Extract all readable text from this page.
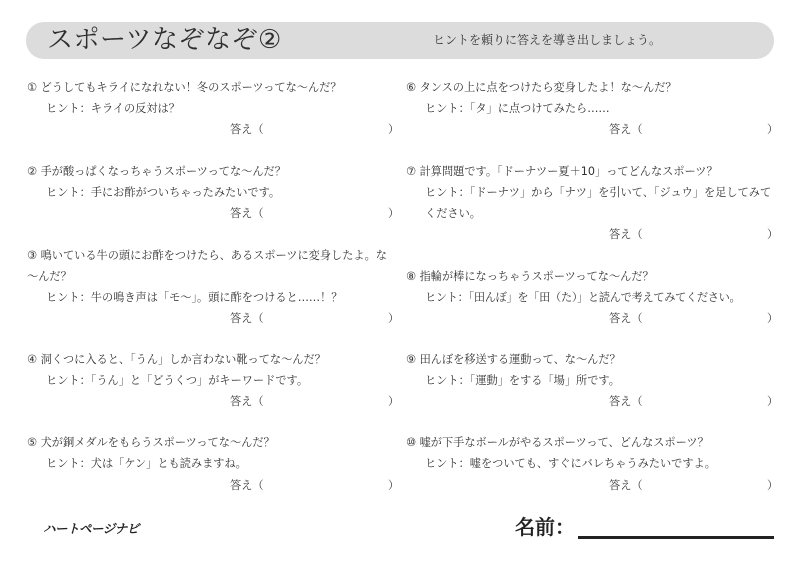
スポーツなぞなぞ②	ヒントを頼りに答えを導き出しましょう。
① どうしてもキライになれない！冬のスポーツってな～んだ？
ヒント：キライの反対は？
答え（	）
② 手が酸っぱくなっちゃうスポーツってな～んだ？
ヒント：手にお酢がついちゃったみたいです。
答え（	）
③ 鳴いている牛の頭にお酢をつけたら、あるスポーツに変身したよ。な～んだ？
ヒント：牛の鳴き声は「モ～」。頭に酢をつけると……！？
答え（	）
④ 洞くつに入ると、「うん」しか言わない靴ってな～んだ？
ヒント：「うん」と「どうくつ」がキーワードです。
答え（	）
⑤ 犬が銅メダルをもらうスポーツってな～んだ？
ヒント：犬は「ケン」とも読みますね。
答え（	）
⑥ タンスの上に点をつけたら変身したよ！な～んだ？
ヒント：「タ」に点つけてみたら……
答え（	）
⑦ 計算問題です。「ドーナツー夏＋10」ってどんなスポーツ？
ヒント：「ドーナツ」から「ナツ」を引いて、「ジュウ」を足してみてください。
答え（	）
⑧ 指輪が棒になっちゃうスポーツってな～んだ？
ヒント：「田んぼ」を「田（た）」と読んで考えてみてください。
答え（	）
⑨ 田んぼを移送する運動って、な～んだ？
ヒント：「運動」をする「場」所です。
答え（	）
⑩ 嘘が下手なボールがやるスポーツって、どんなスポーツ？
ヒント：嘘をついても、すぐにバレちゃうみたいですよ。
答え（	）
ハートページナビ	名前：
